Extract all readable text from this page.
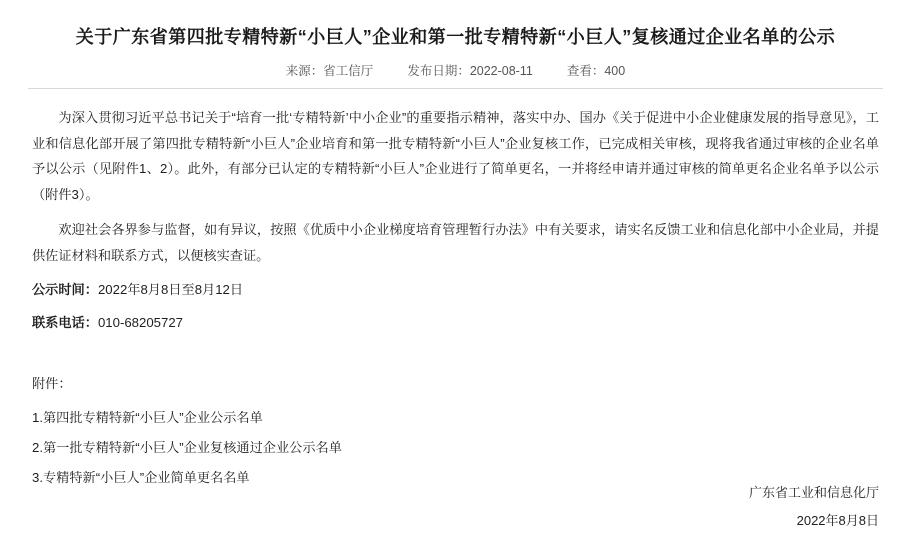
关于广东省第四批专精特新“小巨人”企业和第一批专精特新“小巨人”复核通过企业名单的公示
来源：省工信厅	发布日期：2022-08-11	查看：400

为深入贯彻习近平总书记关于“培育一批‘专精特新’中小企业”的重要指示精神，落实中办、国办《关于促进中小企业健康发展的指导意见》，工业和信息化部开展了第四批专精特新“小巨人”企业培育和第一批专精特新“小巨人”企业复核工作，已完成相关审核，现将我省通过审核的企业名单予以公示（见附件1、2）。此外，有部分已认定的专精特新“小巨人”企业进行了简单更名，一并将经申请并通过审核的简单更名企业名单予以公示（附件3）。

欢迎社会各界参与监督，如有异议，按照《优质中小企业梯度培育管理暂行办法》中有关要求，请实名反馈工业和信息化部中小企业局，并提供佐证材料和联系方式，以便核实查证。

公示时间：2022年8月8日至8月12日

联系电话：010-68205727

附件：

1.第四批专精特新“小巨人”企业公示名单
2.第一批专精特新“小巨人”企业复核通过企业公示名单
3.专精特新“小巨人”企业简单更名名单
广东省工业和信息化厅
2022年8月8日
